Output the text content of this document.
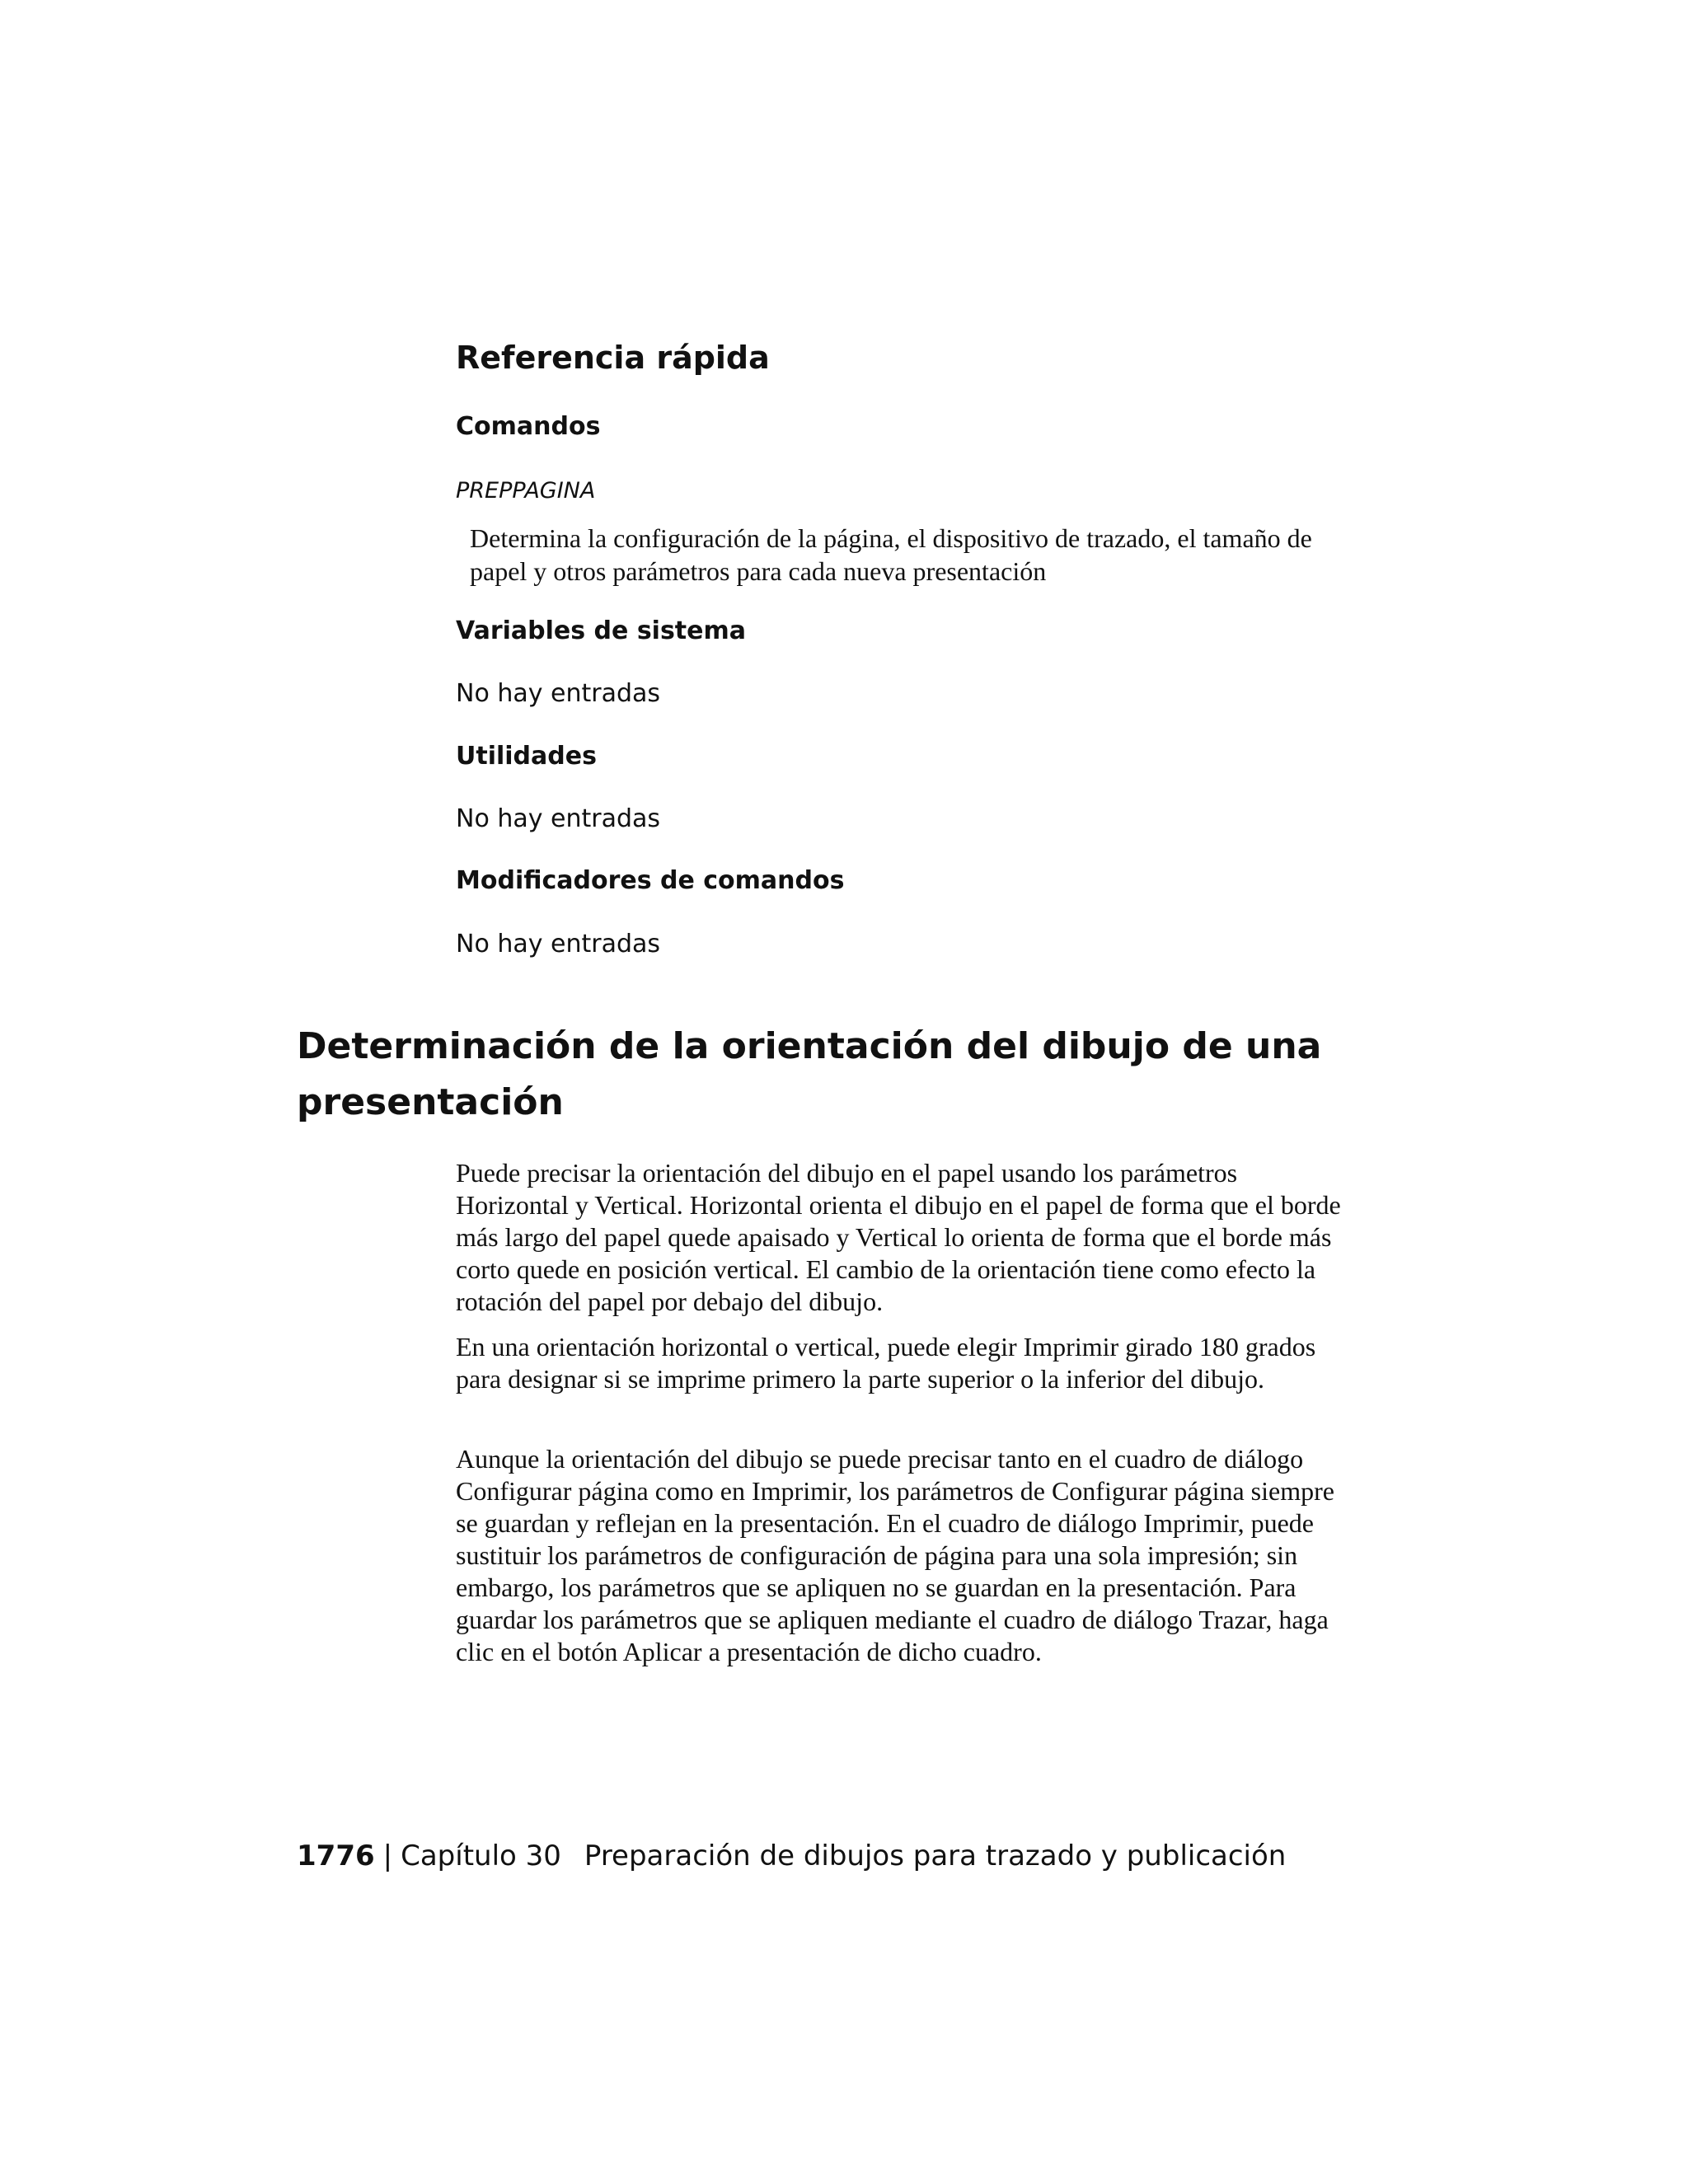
Referencia rápida
Comandos

PREPPAGINA

Determina la configuración de la página, el dispositivo de trazado, el tamaño de papel y otros parámetros para cada nueva presentación

Variables de sistema

No hay entradas

Utilidades

No hay entradas

Modificadores de comandos

No hay entradas

Determinación de la orientación del dibujo de una presentación

Puede precisar la orientación del dibujo en el papel usando los parámetros Horizontal y Vertical. Horizontal orienta el dibujo en el papel de forma que el borde más largo del papel quede apaisado y Vertical lo orienta de forma que el borde más corto quede en posición vertical. El cambio de la orientación tiene como efecto la rotación del papel por debajo del dibujo.

En una orientación horizontal o vertical, puede elegir Imprimir girado 180 grados para designar si se imprime primero la parte superior o la inferior del dibujo.

Aunque la orientación del dibujo se puede precisar tanto en el cuadro de diálogo Configurar página como en Imprimir, los parámetros de Configurar página siempre se guardan y reflejan en la presentación. En el cuadro de diálogo Imprimir, puede sustituir los parámetros de configuración de página para una sola impresión; sin embargo, los parámetros que se apliquen no se guardan en la presentación. Para guardar los parámetros que se apliquen mediante el cuadro de diálogo Trazar, haga clic en el botón Aplicar a presentación de dicho cuadro.

1776 | Capítulo 30 Preparación de dibujos para trazado y publicación
